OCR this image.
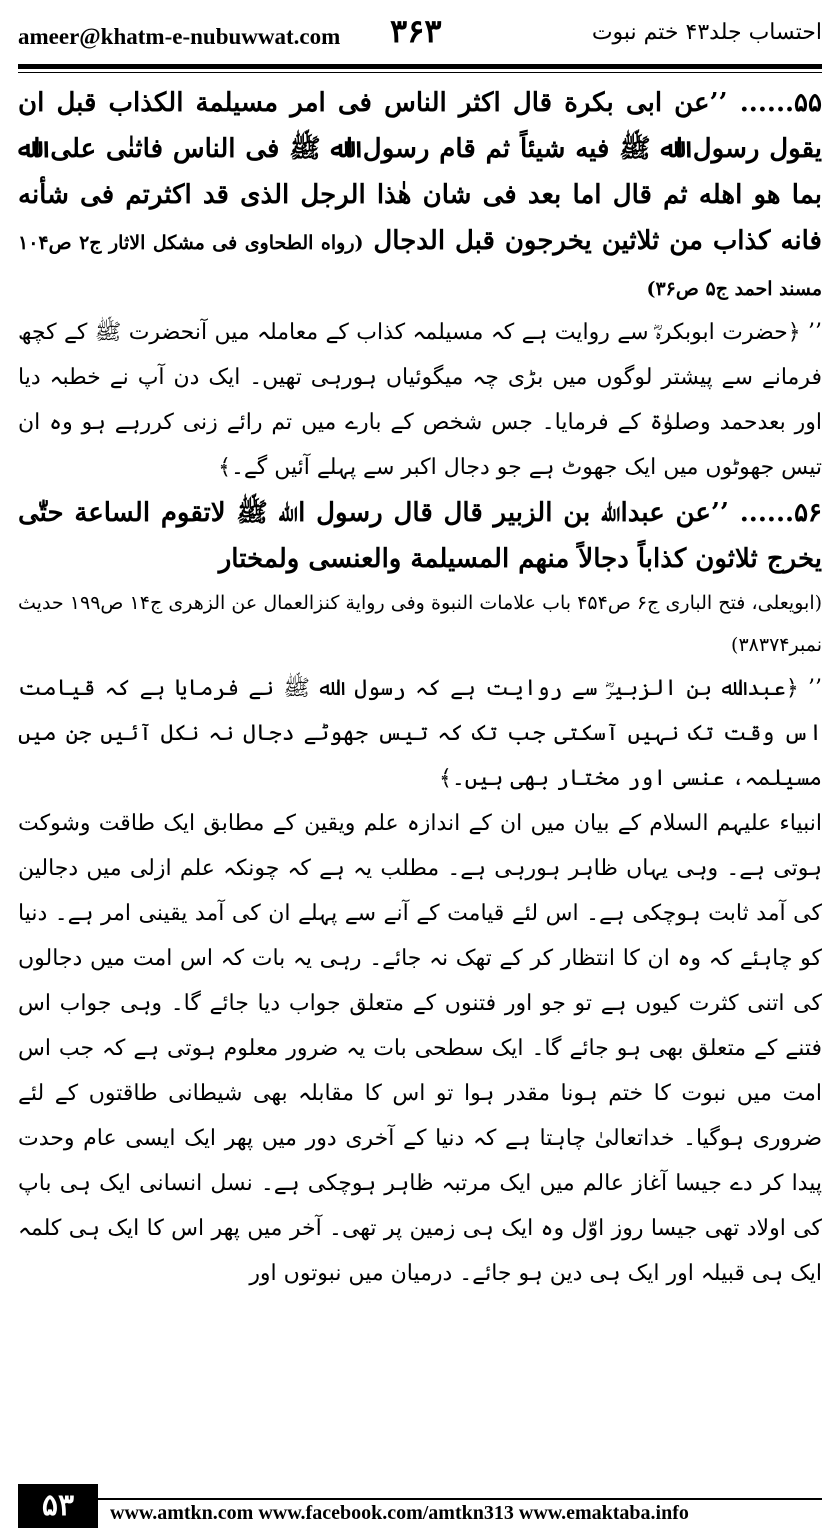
ameer@khatm-e-nubuwwat.com ۳۶۳	احتساب جلد۴۳ ختم نبوت

۵۵...... ’’عن ابی بکرة قال اکثر الناس فی امر مسیلمة الکذاب قبل ان یقول رسول اﷲ ﷺ فیه شیئاً ثم قام رسول اﷲ ﷺ فی الناس فاثنٰی علی اﷲ بما هو اهله ثم قال اما بعد فی شان هٰذا الرجل الذی قد اکثرتم فی شأنه فانه کذاب من ثلاثین یخرجون قبل الدجال (رواه الطحاوی فی مشکل الاثار ج۲ ص۱۰۴ مسند احمد ج۵ ص۳۶)

’’ ﴿حضرت ابوبکرہؓ سے روایت ہے کہ مسیلمہ کذاب کے معاملہ میں آنحضرت ﷺ کے کچھ فرمانے سے پیشتر لوگوں میں بڑی چہ میگوئیاں ہورہی تھیں۔ ایک دن آپ نے خطبہ دیا اور بعدحمد وصلوٰۃ کے فرمایا۔ جس شخص کے بارے میں تم رائے زنی کررہے ہو وہ ان تیس جھوٹوں میں ایک جھوٹ ہے جو دجال اکبر سے پہلے آئیں گے۔﴾

۵۶...... ’’عن عبداﷲ بن الزبیر قال قال رسول اﷲ ﷺ لاتقوم الساعة حتّٰی یخرج ثلاثون کذاباً دجالاً منهم المسیلمة والعنسی ولمختار

(ابویعلی، فتح الباری ج۶ ص۴۵۴ باب علامات النبوة وفی روایة کنزالعمال عن الزهری ج۱۴ ص۱۹۹ حدیث نمبر۳۸۳۷۴)

’’ ﴿عبداﷲ بن الزبیرؓ سے روایت ہے کہ رسول اﷲ ﷺ نے فرمایا ہے کہ قیامت اس وقت تک نہیں آسکتی جب تک کہ تیس جھوٹے دجال نہ نکل آئیں جن میں مسیلمہ، عنسی اور مختار بھی ہیں۔﴾

انبیاء علیہم السلام کے بیان میں ان کے اندازہ علم ویقین کے مطابق ایک طاقت وشوکت ہوتی ہے۔ وہی یہاں ظاہر ہورہی ہے۔ مطلب یہ ہے کہ چونکہ علم ازلی میں دجالین کی آمد ثابت ہوچکی ہے۔ اس لئے قیامت کے آنے سے پہلے ان کی آمد یقینی امر ہے۔ دنیا کو چاہئے کہ وہ ان کا انتظار کر کے تھک نہ جائے۔ رہی یہ بات کہ اس امت میں دجالوں کی اتنی کثرت کیوں ہے تو جو اور فتنوں کے متعلق جواب دیا جائے گا۔ وہی جواب اس فتنے کے متعلق بھی ہو جائے گا۔ ایک سطحی بات یہ ضرور معلوم ہوتی ہے کہ جب اس امت میں نبوت کا ختم ہونا مقدر ہوا تو اس کا مقابلہ بھی شیطانی طاقتوں کے لئے ضروری ہوگیا۔ خداتعالیٰ چاہتا ہے کہ دنیا کے آخری دور میں پھر ایک ایسی عام وحدت پیدا کر دے جیسا آغاز عالم میں ایک مرتبہ ظاہر ہوچکی ہے۔ نسل انسانی ایک ہی باپ کی اولاد تھی جیسا روز اوّل وہ ایک ہی زمین پر تھی۔ آخر میں پھر اس کا ایک ہی کلمہ ایک ہی قبیلہ اور ایک ہی دین ہو جائے۔ درمیان میں نبوتوں اور

۵۳	www.amtkn.com www.facebook.com/amtkn313 www.emaktaba.info
